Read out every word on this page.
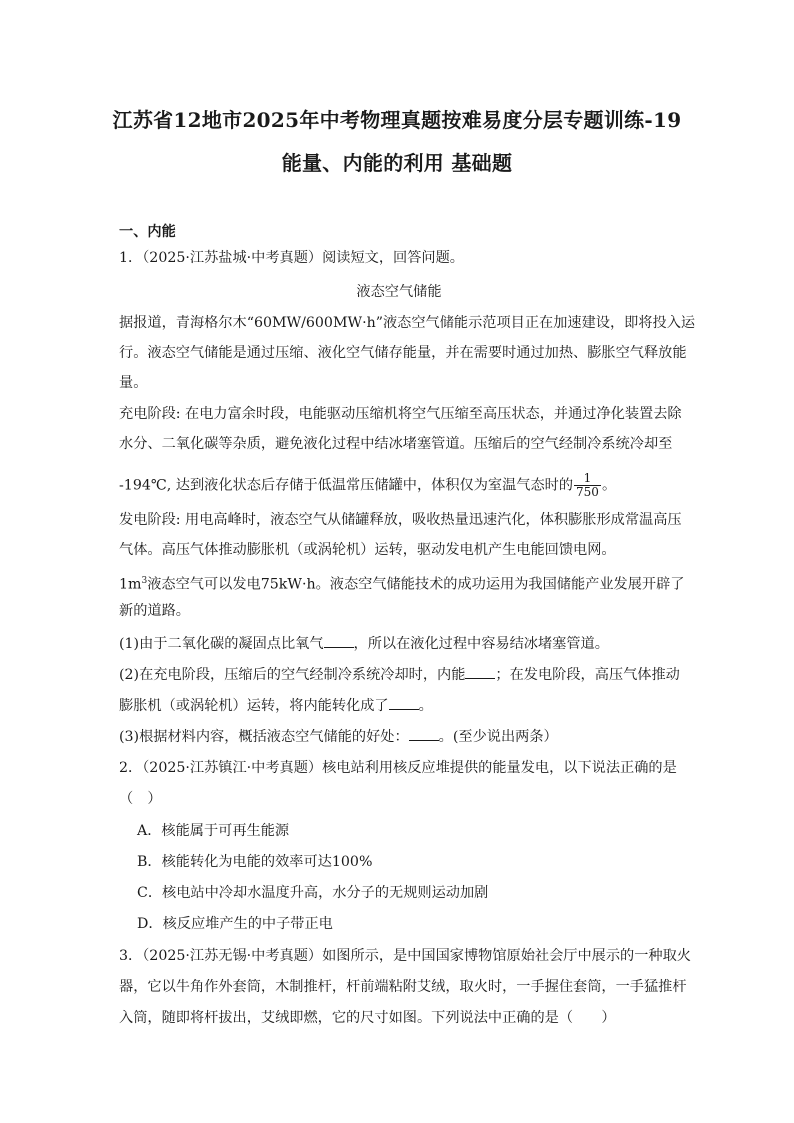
江苏省12地市2025年中考物理真题按难易度分层专题训练-19
能量、内能的利用 基础题
一、内能
1．（2025·江苏盐城·中考真题）阅读短文，回答问题。
液态空气储能
据报道，青海格尔木“60MW/600MW·h”液态空气储能示范项目正在加速建设，即将投入运
行。液态空气储能是通过压缩、液化空气储存能量，并在需要时通过加热、膨胀空气释放能
量。
充电阶段: 在电力富余时段，电能驱动压缩机将空气压缩至高压状态，并通过净化装置去除
水分、二氧化碳等杂质，避免液化过程中结冰堵塞管道。压缩后的空气经制冷系统冷却至
-194℃, 达到液化状态后存储于低温常压储罐中，体积仅为室温气态时的 $\frac{1}{750}$ 。
发电阶段: 用电高峰时，液态空气从储罐释放，吸收热量迅速汽化，体积膨胀形成常温高压
气体。高压气体推动膨胀机（或涡轮机）运转，驱动发电机产生电能回馈电网。
$1m^3$液态空气可以发电75kW·h。液态空气储能技术的成功运用为我国储能产业发展开辟了
新的道路。
(1)由于二氧化碳的凝固点比氧气 ，所以在液化过程中容易结冰堵塞管道。
(2)在充电阶段，压缩后的空气经制冷系统冷却时，内能 ；在发电阶段，高压气体推动
膨胀机（或涡轮机）运转，将内能转化成了 。
(3)根据材料内容，概括液态空气储能的好处： 。(至少说出两条）
2．（2025·江苏镇江·中考真题）核电站利用核反应堆提供的能量发电，以下说法正确的是
（　）
A．核能属于可再生能源
B．核能转化为电能的效率可达100%
C．核电站中冷却水温度升高，水分子的无规则运动加剧
D．核反应堆产生的中子带正电
3．（2025·江苏无锡·中考真题）如图所示，是中国国家博物馆原始社会厅中展示的一种取火
器，它以牛角作外套筒，木制推杆，杆前端粘附艾绒，取火时，一手握住套筒，一手猛推杆
入筒，随即将杆拔出，艾绒即燃，它的尺寸如图。下列说法中正确的是（　　）
